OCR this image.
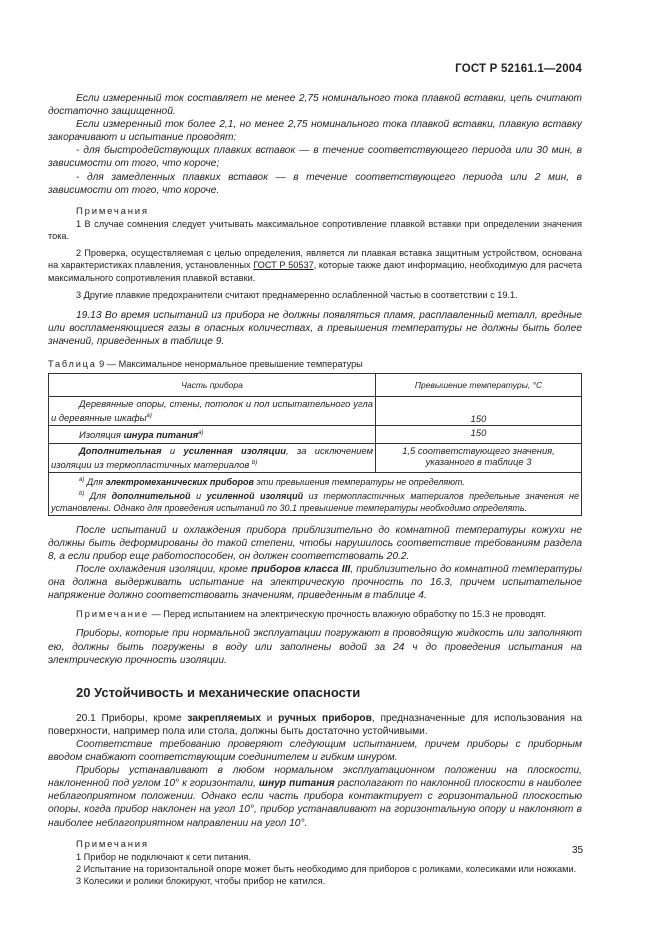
ГОСТ Р 52161.1—2004

Если измеренный ток составляет не менее 2,75 номинального тока плавкой вставки, цепь считают достаточно защищенной.

Если измеренный ток более 2,1, но менее 2,75 номинального тока плавкой вставки, плавкую вставку закорачивают и испытание проводят:

- для быстродействующих плавких вставок — в течение соответствующего периода или 30 мин, в зависимости от того, что короче;

- для замедленных плавких вставок — в течение соответствующего периода или 2 мин, в зависимости от того, что короче.

Примечания

1 В случае сомнения следует учитывать максимальное сопротивление плавкой вставки при определении значения тока.

2 Проверка, осуществляемая с целью определения, является ли плавкая вставка защитным устройством, основана на характеристиках плавления, установленных ГОСТ Р 50537, которые также дают информацию, необходимую для расчета максимального сопротивления плавкой вставки.

3 Другие плавкие предохранители считают преднамеренно ослабленной частью в соответствии с 19.1.

19.13 Во время испытаний из прибора не должны появляться пламя, расплавленный металл, вредные или воспламеняющиеся газы в опасных количествах, а превышения температуры не должны быть более значений, приведенных в таблице 9.

Таблица 9 — Максимальное ненормальное превышение температуры
Часть прибора	Превышение температуры, °С

Деревянные опоры, стены, потолок и пол испытательного угла и деревянные шкафы$^{а)}$	150
Изоляция шнура питания$^{а)}$	150
Дополнительная и усиленная изоляции, за исключением изоляции из термопластичных материалов $^{b)}$	1,5 соответствующего значения, указанного в таблице 3

$^{а)}$ Для электромеханических приборов эти превышения температуры не определяют.
$^{b)}$ Для дополнительной и усиленной изоляций из термопластичных материалов предельные значения не установлены. Однако для проведения испытаний по 30.1 превышение температуры необходимо определять.	

После испытаний и охлаждения прибора приблизительно до комнатной температуры кожухи не должны быть деформированы до такой степени, чтобы нарушилось соответствие требованиям раздела 8, а если прибор еще работоспособен, он должен соответствовать 20.2.

После охлаждения изоляции, кроме приборов класса III, приблизительно до комнатной температуры она должна выдерживать испытание на электрическую прочность по 16.3, причем испытательное напряжение должно соответствовать значениям, приведенным в таблице 4.

Примечание — Перед испытанием на электрическую прочность влажную обработку по 15.3 не проводят.

Приборы, которые при нормальной эксплуатации погружают в проводящую жидкость или заполняют ею, должны быть погружены в воду или заполнены водой за 24 ч до проведения испытания на электрическую прочность изоляции.

20 Устойчивость и механические опасности

20.1 Приборы, кроме закрепляемых и ручных приборов, предназначенные для использования на поверхности, например пола или стола, должны быть достаточно устойчивыми.

Соответствие требованию проверяют следующим испытанием, причем приборы с приборным вводом снабжают соответствующим соединителем и гибким шнуром.

Приборы устанавливают в любом нормальном эксплуатационном положении на плоскости, наклоненной под углом 10° к горизонтали, шнур питания располагают по наклонной плоскости в наиболее неблагоприятном положении. Однако если часть прибора контактирует с горизонтальной плоскостью опоры, когда прибор наклонен на угол 10°, прибор устанавливают на горизонтальную опору и наклоняют в наиболее неблагоприятном направлении на угол 10°.

Примечания

1 Прибор не подключают к сети питания.

2 Испытание на горизонтальной опоре может быть необходимо для приборов с роликами, колесиками или ножками.

3 Колесики и ролики блокируют, чтобы прибор не катился.

35
